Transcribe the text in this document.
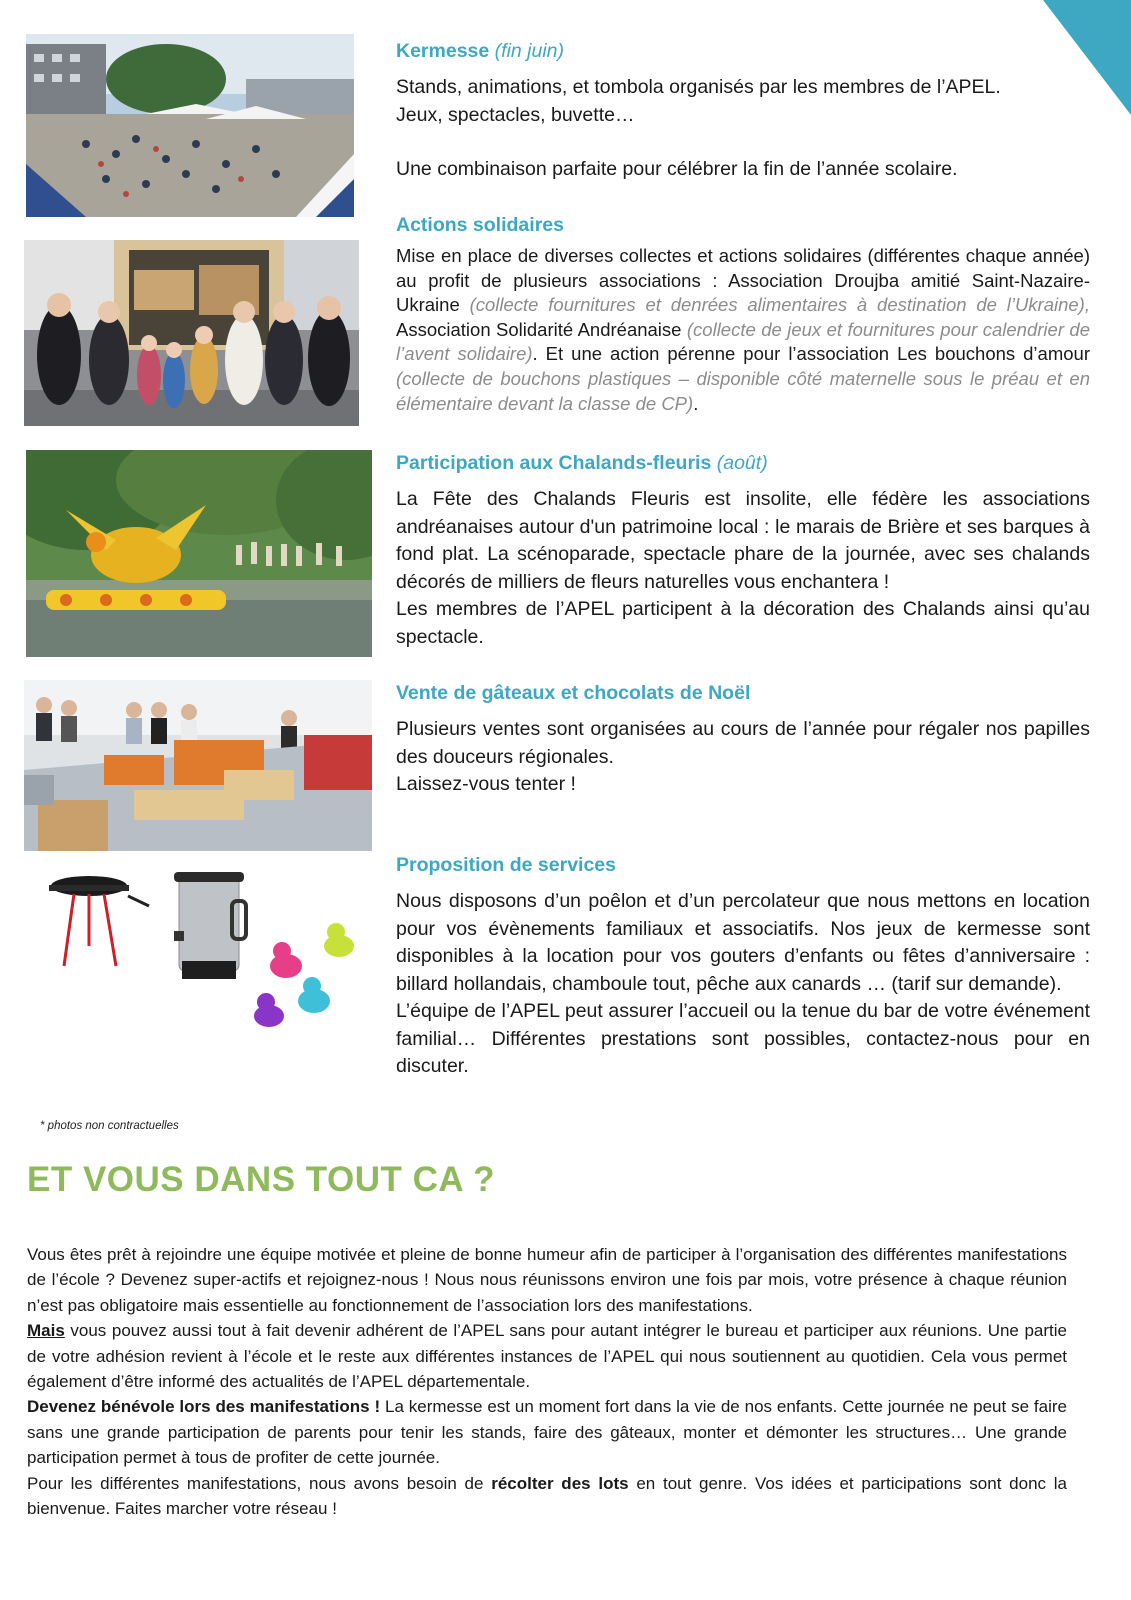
Kermesse (fin juin)

Stands, animations, et tombola organisés par les membres de l’APEL.

Jeux, spectacles, buvette…

Une combinaison parfaite pour célébrer la fin de l’année scolaire.

Actions solidaires

Mise en place de diverses collectes et actions solidaires (différentes chaque année) au profit de plusieurs associations : Association Droujba amitié Saint-Nazaire-Ukraine (collecte fournitures et denrées alimentaires à destination de l’Ukraine), Association Solidarité Andréanaise (collecte de jeux et fournitures pour calendrier de l’avent solidaire). Et une action pérenne pour l’association Les bouchons d’amour (collecte de bouchons plastiques – disponible côté maternelle sous le préau et en élémentaire devant la classe de CP).

Participation aux Chalands-fleuris (août)

La Fête des Chalands Fleuris est insolite, elle fédère les associations andréanaises autour d'un patrimoine local : le marais de Brière et ses barques à fond plat. La scénoparade, spectacle phare de la journée, avec ses chalands décorés de milliers de fleurs naturelles vous enchantera !

Les membres de l’APEL participent à la décoration des Chalands ainsi qu’au spectacle.

Vente de gâteaux et chocolats de Noël

Plusieurs ventes sont organisées au cours de l’année pour régaler nos papilles des douceurs régionales.

Laissez-vous tenter !

Proposition de services

Nous disposons d’un poêlon et d’un percolateur que nous mettons en location pour vos évènements familiaux et associatifs. Nos jeux de kermesse sont disponibles à la location pour vos gouters d’enfants ou fêtes d’anniversaire : billard hollandais, chamboule tout, pêche aux canards … (tarif sur demande).

L’équipe de l’APEL peut assurer l’accueil ou la tenue du bar de votre événement familial… Différentes prestations sont possibles, contactez-nous pour en discuter.

* photos non contractuelles
ET VOUS DANS TOUT CA ?

Vous êtes prêt à rejoindre une équipe motivée et pleine de bonne humeur afin de participer à l’organisation des différentes manifestations de l’école ? Devenez super-actifs et rejoignez-nous ! Nous nous réunissons environ une fois par mois, votre présence à chaque réunion n’est pas obligatoire mais essentielle au fonctionnement de l’association lors des manifestations.

Mais vous pouvez aussi tout à fait devenir adhérent de l’APEL sans pour autant intégrer le bureau et participer aux réunions. Une partie de votre adhésion revient à l’école et le reste aux différentes instances de l’APEL qui nous soutiennent au quotidien. Cela vous permet également d’être informé des actualités de l’APEL départementale.

Devenez bénévole lors des manifestations ! La kermesse est un moment fort dans la vie de nos enfants. Cette journée ne peut se faire sans une grande participation de parents pour tenir les stands, faire des gâteaux, monter et démonter les structures… Une grande participation permet à tous de profiter de cette journée.

Pour les différentes manifestations, nous avons besoin de récolter des lots en tout genre. Vos idées et participations sont donc la bienvenue. Faites marcher votre réseau !
